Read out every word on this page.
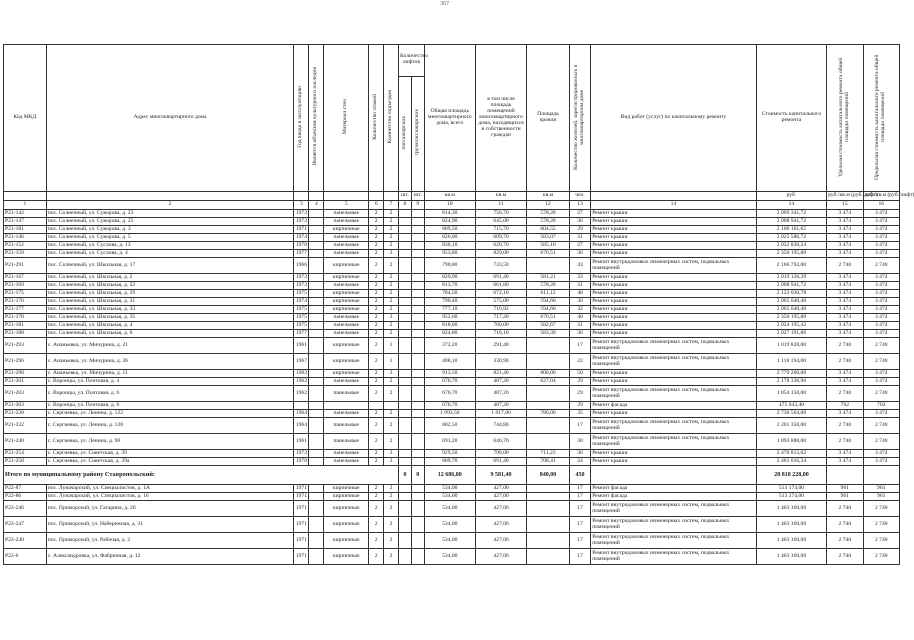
367
Код МКД	Адрес многоквартирного дома	Год ввода в эксплуатацию	Является объектом культурного наследия	Материал стен	Количество этажей	Количество подъездов	Количество лифтов		Общая площадь многоквартирного дома, всего	в том числе площадь помещений многоквартирного дома, находящихся в собственности граждан	Площадь кровли	Количество жителей, зарегистрированных в многоквартирном доме	Вид работ (услуг) по капитальному ремонту	Стоимость капитального ремонта	Удельная стоимость капитального ремонта общей площади помещений	Предельная стоимость капитального ремонта общей площади помещений
							пассажирских	грузопассажирских								
							шт.	шт.	кв.м	кв.м	кв.м	чел.		руб.	руб./кв.м (руб./лифт)	руб./кв.м (руб./лифт)
1	2	3	4	5	6	7	8	9	10	11	12	13	14	14	15	16
Р21-142	пос. Солнечный, ул. Суворова, д. 23	1973		панельные	2	2			814,30	756,70	578,28	27	Ремонт крыши	2 009 341,72	3 474	3 474
Р21-147	пос. Солнечный, ул. Суворова, д. 25	1973		панельные	2	2			824,90	645,00	578,28	36	Ремонт крыши	2 008 941,72	3 474	3 474
Р21-181	пос. Солнечный, ул. Суворова, д. 3	1971		кирпичные	2	2			809,50	715,70	604,55	29	Ремонт крыши	2 100 161,65	3 474	3 474
Р21-146	пос. Солнечный, ул. Суворова, д. 5	1974		панельные	2	2			826,00	609,70	583,07	31	Ремонт крыши	2 025 586,72	3 474	3 474
Р21-152	пос. Солнечный, ул. Суслова, д. 13	1978		панельные	2	2			830,10	620,70	585,16	27	Ремонт крыши	2 032 830,24	3 474	3 474
Р21-159	пос. Солнечный, ул. Суслова, д. 4	1977		панельные	2	3			953,80	829,00	676,51	36	Ремонт крыши	2 350 195,80	3 474	3 474
Р21-291	пос. Солнечный, ул. Школьная, д. 17	1966		кирпичные	2	2			790,80	733,50		43	Ремонт внутридомовых инженерных систем, подвальных помещений	2 166 792,00	2 740	2 740
Р21-167	пос. Солнечный, ул. Школьная, д. 2	1973		кирпичные	2	2			829,90	691,40	581,21	33	Ремонт крыши	2 019 126,39	3 474	3 474
Р21-169	пос. Солнечный, ул. Школьная, д. 22	1973		панельные	2	2			813,70	661,80	578,28	31	Ремонт крыши	2 008 941,72	3 474	3 474
Р21-175	пос. Солнечный, ул. Школьная, д. 29	1975		кирпичные	2	2			784,50	672,10	611,12	48	Ремонт крыши	2 123 030,78	3 474	3 474
Р21-176	пос. Солнечный, ул. Школьная, д. 31	1974		кирпичные	2	2			790,40	575,00	594,60	30	Ремонт крыши	2 065 640,40	3 474	3 474
Р21-177	пос. Солнечный, ул. Школьная, д. 33	1975		кирпичные	2	2			777,10	716,92	594,60	32	Ремонт крыши	2 065 640,40	3 474	3 474
Р21-178	пос. Солнечный, ул. Школьная, д. 35	1975		панельные	2	3			952,60	717,20	676,51	40	Ремонт крыши	2 350 195,80	3 474	3 474
Р21-181	пос. Солнечный, ул. Школьная, д. 4	1975		панельные	2	2			818,00	760,00	582,67	31	Ремонт крыши	2 024 195,42	3 474	3 474
Р21-188	пос. Солнечный, ул. Школьная, д. 6	1977		панельные	2	2			824,80	716,10	583,39	36	Ремонт крыши	2 027 191,86	3 474	3 474
Р21-293	с. Ананьевка, ул. Мичурина, д. 21	1961		кирпичные	2	1			372,20	291,40		17	Ремонт внутридомовых инженерных систем, подвальных помещений	1 019 828,00	2 740	2 740
Р21-296	с. Ананьевка, ул. Мичурина, д. 36	1967		кирпичные	2	1			408,10	330,90		22	Ремонт внутридомовых инженерных систем, подвальных помещений	1 118 194,00	2 740	2 740
Р21-298	с. Ананьевка, ул. Мичурина, д. 11	1983		кирпичные	2	3			913,50	821,40	800,00	50	Ремонт крыши	2 779 200,00	3 474	3 474
Р21-201	с. Воронцы, ул. Почтовая, д. 4	1962		панельные	2	2			676,70	487,20	627,04	29	Ремонт крыши	2 178 336,96	3 474	3 474
Р21-203	с. Воронцы, ул. Почтовая, д. 6	1962		панельные	2	2			676,70	487,20		29	Ремонт внутридомовых инженерных систем, подвальных помещений	1 854 158,00	2 740	2 740
Р21-203	с. Воронцы, ул. Почтовая, д. 6								676,70	487,20		29	Ремонт фасада	475 043,40	702	702
Р21-228	с. Сергиевка, ул. Ленина, д. 122	1964		панельные	2	2			1 093,50	1 017,80	786,00	35	Ремонт крыши	2 730 564,00	3 474	3 474
Р21-232	с. Сергиевка, ул. Ленина, д. 128	1964		панельные	2	2			802,50	744,80		17	Ремонт внутридомовых инженерных систем, подвальных помещений	2 201 350,00	2 740	2 740
Р21-240	с. Сергиевка, ул. Ленина, д. 96	1961		панельные	2	2			691,20	640,70		30	Ремонт внутридомовых инженерных систем, подвальных помещений	1 893 888,00	2 740	2 740
Р21-254	с. Сергиевка, ул. Советская, д. 39	1973		панельные	2	3			929,50	798,00	711,23	36	Ремонт крыши	2 470 813,02	3 474	3 474
Р21-258	с. Сергиевка, ул. Советская, д. 39а	1978		панельные	2	3			809,70	691,40	708,41	24	Ремонт крыши	2 461 016,34	3 474	3 474
Итого по муниципальному району Ставропольский:							0	0	12 686,00	9 581,40	840,00	450		28 818 228,00		
Р22-87	пос. Луначарский, ул. Специалистов, д. 1А	1971		кирпичные	2	2			534,00	427,00		17	Ремонт фасада	513 174,00	961	961
Р22-86	пос. Луначарский, ул. Специалистов, д. 16	1971		кирпичные	2	2			534,00	427,00		17	Ремонт фасада	513 174,00	961	961
Р22-246	пос. Приморский, ул. Гагарина, д. 26	1971		кирпичные	2	2			534,00	427,00		17	Ремонт внутридомовых инженерных систем, подвальных помещений	1 463 160,00	2 740	2 740
Р22-247	пос. Приморский, ул. Набережная, д. 31	1971		кирпичные	2	2			534,00	427,00		17	Ремонт внутридомовых инженерных систем, подвальных помещений	1 463 160,00	2 740	2 740
Р22-248	пос. Приморский, ул. Рабочая, д. 2	1971		кирпичные	2	2			534,00	427,00		17	Ремонт внутридомовых инженерных систем, подвальных помещений	1 463 160,00	2 740	2 740
Р22-6	с. Александровка, ул. Фабричная, д. 12	1971		кирпичные	2	2			534,00	427,00		17	Ремонт внутридомовых инженерных систем, подвальных помещений	1 463 160,00	2 740	2 740
